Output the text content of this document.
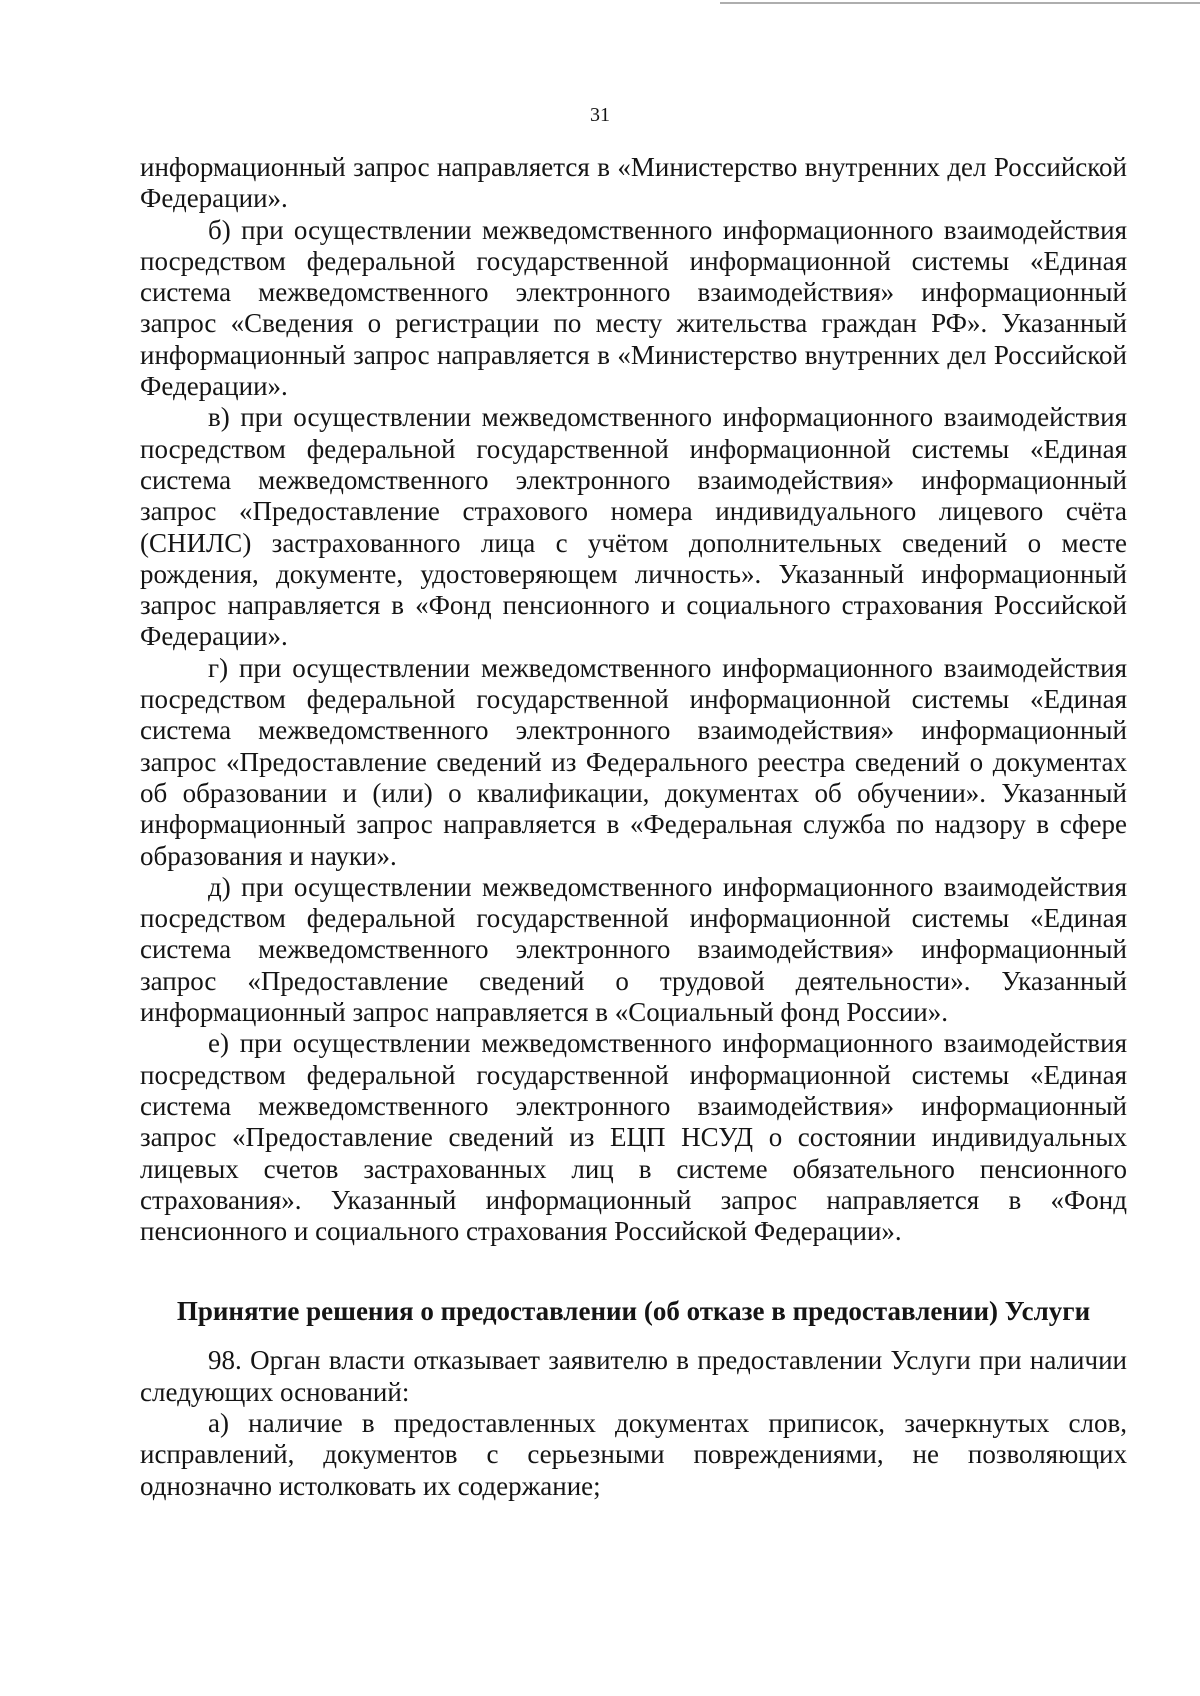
31

информационный запрос направляется в «Министерство внутренних дел Российской Федерации».

б) при осуществлении межведомственного информационного взаимодействия посредством федеральной государственной информационной системы «Единая система межведомственного электронного взаимодействия» информационный запрос «Сведения о регистрации по месту жительства граждан РФ». Указанный информационный запрос направляется в «Министерство внутренних дел Российской Федерации».

в) при осуществлении межведомственного информационного взаимодействия посредством федеральной государственной информационной системы «Единая система межведомственного электронного взаимодействия» информационный запрос «Предоставление страхового номера индивидуального лицевого счёта (СНИЛС) застрахованного лица с учётом дополнительных сведений о месте рождения, документе, удостоверяющем личность». Указанный информационный запрос направляется в «Фонд пенсионного и социального страхования Российской Федерации».

г) при осуществлении межведомственного информационного взаимодействия посредством федеральной государственной информационной системы «Единая система межведомственного электронного взаимодействия» информационный запрос «Предоставление сведений из Федерального реестра сведений о документах об образовании и (или) о квалификации, документах об обучении». Указанный информационный запрос направляется в «Федеральная служба по надзору в сфере образования и науки».

д) при осуществлении межведомственного информационного взаимодействия посредством федеральной государственной информационной системы «Единая система межведомственного электронного взаимодействия» информационный запрос «Предоставление сведений о трудовой деятельности». Указанный информационный запрос направляется в «Социальный фонд России».

е) при осуществлении межведомственного информационного взаимодействия посредством федеральной государственной информационной системы «Единая система межведомственного электронного взаимодействия» информационный запрос «Предоставление сведений из ЕЦП НСУД о состоянии индивидуальных лицевых счетов застрахованных лиц в системе обязательного пенсионного страхования». Указанный информационный запрос направляется в «Фонд пенсионного и социального страхования Российской Федерации».

Принятие решения о предоставлении (об отказе в предоставлении) Услуги

98. Орган власти отказывает заявителю в предоставлении Услуги при наличии следующих оснований:

а) наличие в предоставленных документах приписок, зачеркнутых слов, исправлений, документов с серьезными повреждениями, не позволяющих однозначно истолковать их содержание;
